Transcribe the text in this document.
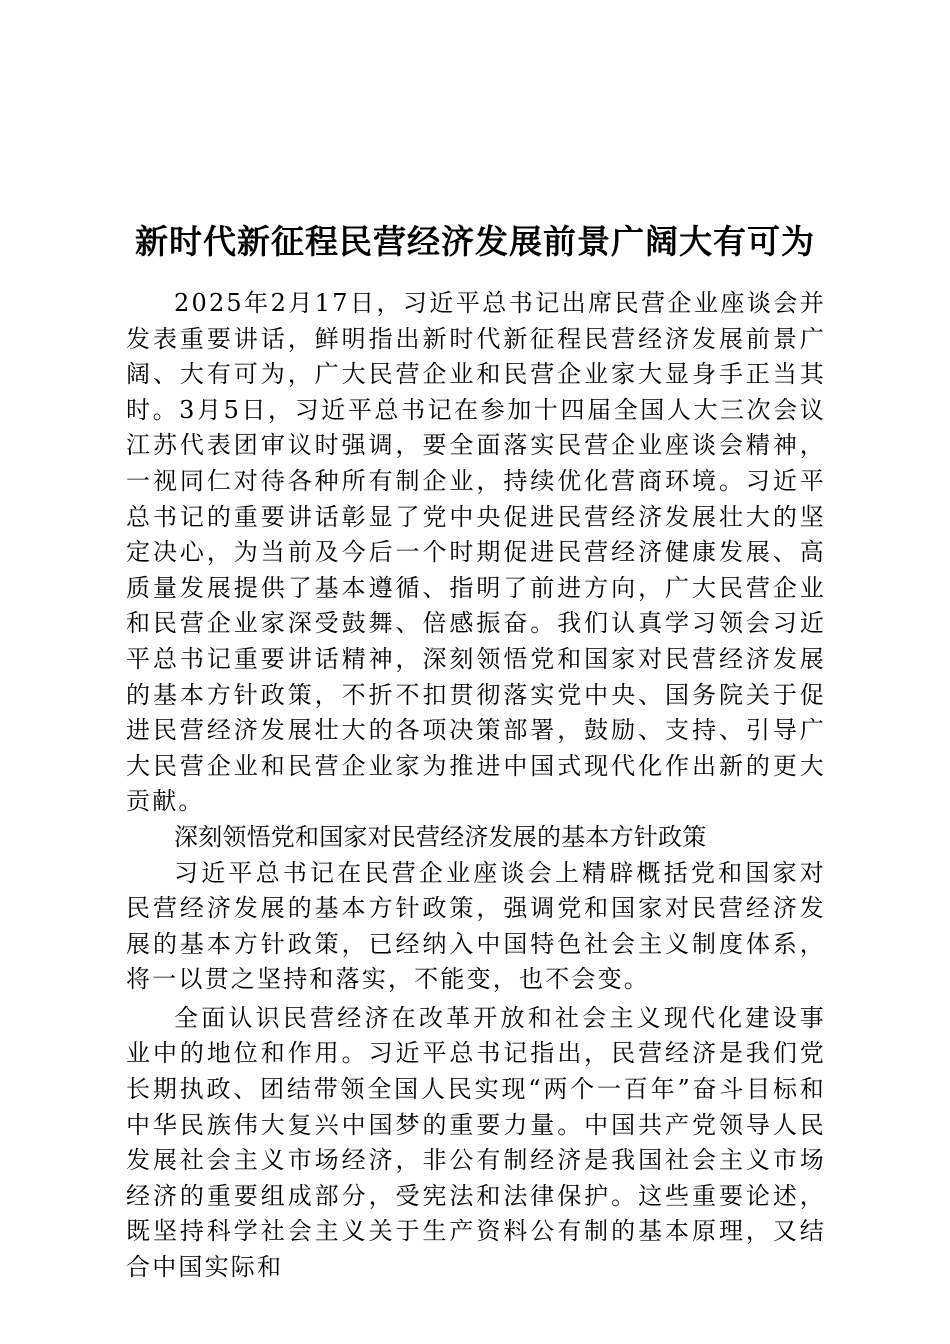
新时代新征程民营经济发展前景广阔大有可为

2025年2月17日，习近平总书记出席民营企业座谈会并发表重要讲话，鲜明指出新时代新征程民营经济发展前景广阔、大有可为，广大民营企业和民营企业家大显身手正当其时。3月5日，习近平总书记在参加十四届全国人大三次会议江苏代表团审议时强调，要全面落实民营企业座谈会精神，一视同仁对待各种所有制企业，持续优化营商环境。习近平总书记的重要讲话彰显了党中央促进民营经济发展壮大的坚定决心，为当前及今后一个时期促进民营经济健康发展、高质量发展提供了基本遵循、指明了前进方向，广大民营企业和民营企业家深受鼓舞、倍感振奋。我们认真学习领会习近平总书记重要讲话精神，深刻领悟党和国家对民营经济发展的基本方针政策，不折不扣贯彻落实党中央、国务院关于促进民营经济发展壮大的各项决策部署，鼓励、支持、引导广大民营企业和民营企业家为推进中国式现代化作出新的更大贡献。

深刻领悟党和国家对民营经济发展的基本方针政策

习近平总书记在民营企业座谈会上精辟概括党和国家对民营经济发展的基本方针政策，强调党和国家对民营经济发展的基本方针政策，已经纳入中国特色社会主义制度体系，将一以贯之坚持和落实，不能变，也不会变。

全面认识民营经济在改革开放和社会主义现代化建设事业中的地位和作用。习近平总书记指出，民营经济是我们党长期执政、团结带领全国人民实现“两个一百年”奋斗目标和中华民族伟大复兴中国梦的重要力量。中国共产党领导人民发展社会主义市场经济，非公有制经济是我国社会主义市场经济的重要组成部分，受宪法和法律保护。这些重要论述，既坚持科学社会主义关于生产资料公有制的基本原理，又结合中国实际和
